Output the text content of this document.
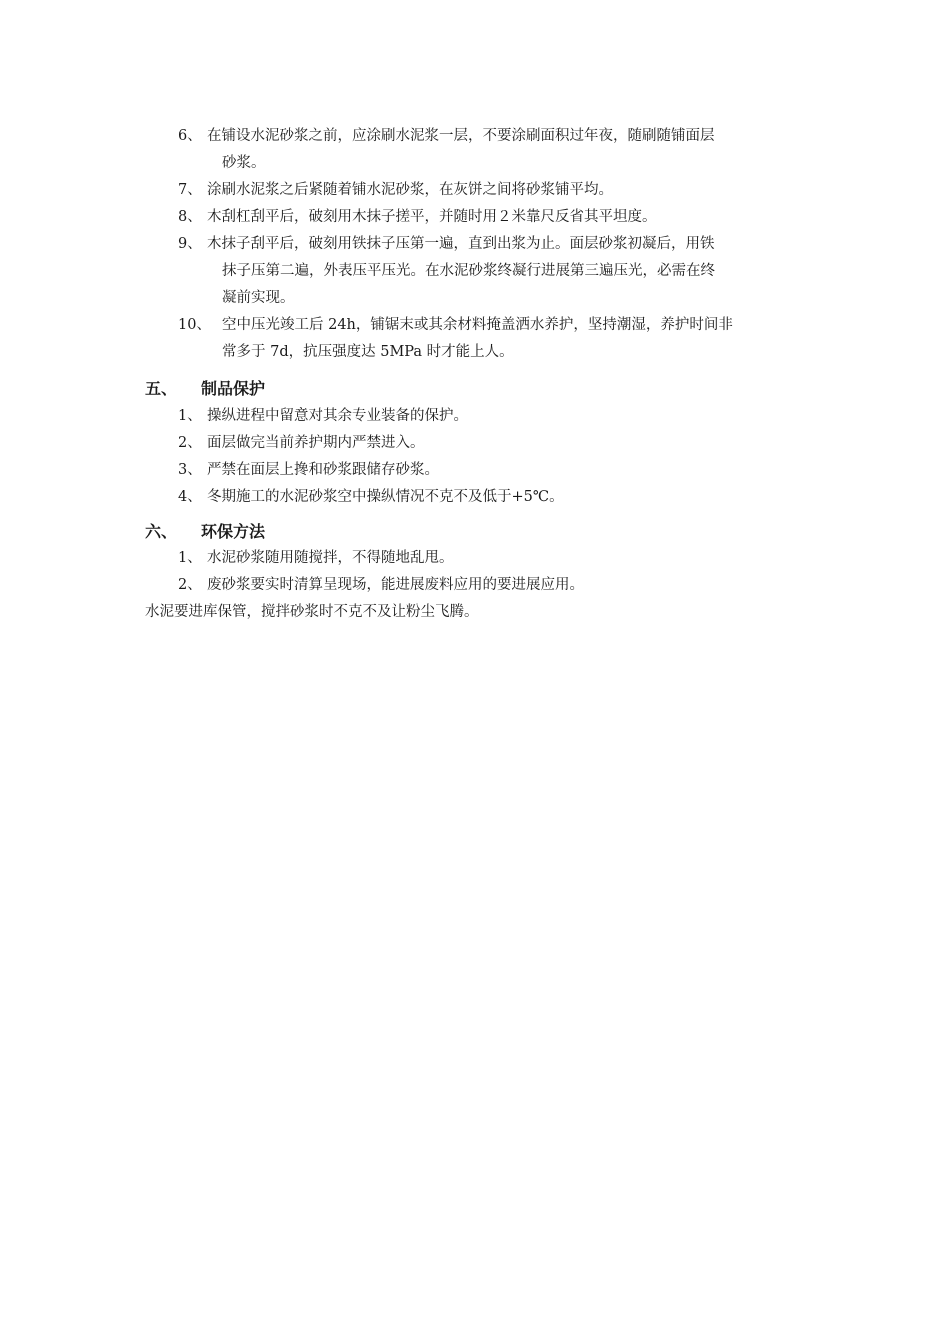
6、 在铺设水泥砂浆之前，应涂刷水泥浆一层，不要涂刷面积过年夜，随刷随铺面层
砂浆。
7、 涂刷水泥浆之后紧随着铺水泥砂浆，在灰饼之间将砂浆铺平均。
8、 木刮杠刮平后，破刻用木抹子搓平，并随时用２米靠尺反省其平坦度。
9、 木抹子刮平后，破刻用铁抹子压第一遍，直到出浆为止。面层砂浆初凝后，用铁
抹子压第二遍，外表压平压光。在水泥砂浆终凝行进展第三遍压光，必需在终
凝前实现。
10、 空中压光竣工后 24h，铺锯末或其余材料掩盖洒水养护，坚持潮湿，养护时间非
常多于 7d，抗压强度达 5MPa 时才能上人。
五、 制品保护
1、 操纵进程中留意对其余专业装备的保护。
2、 面层做完当前养护期内严禁进入。
3、 严禁在面层上搀和砂浆跟储存砂浆。
4、 冬期施工的水泥砂浆空中操纵情况不克不及低于+5℃。
六、 环保方法
1、 水泥砂浆随用随搅拌，不得随地乱甩。
2、 废砂浆要实时清算呈现场，能进展废料应用的要进展应用。
水泥要进库保管，搅拌砂浆时不克不及让粉尘飞腾。
